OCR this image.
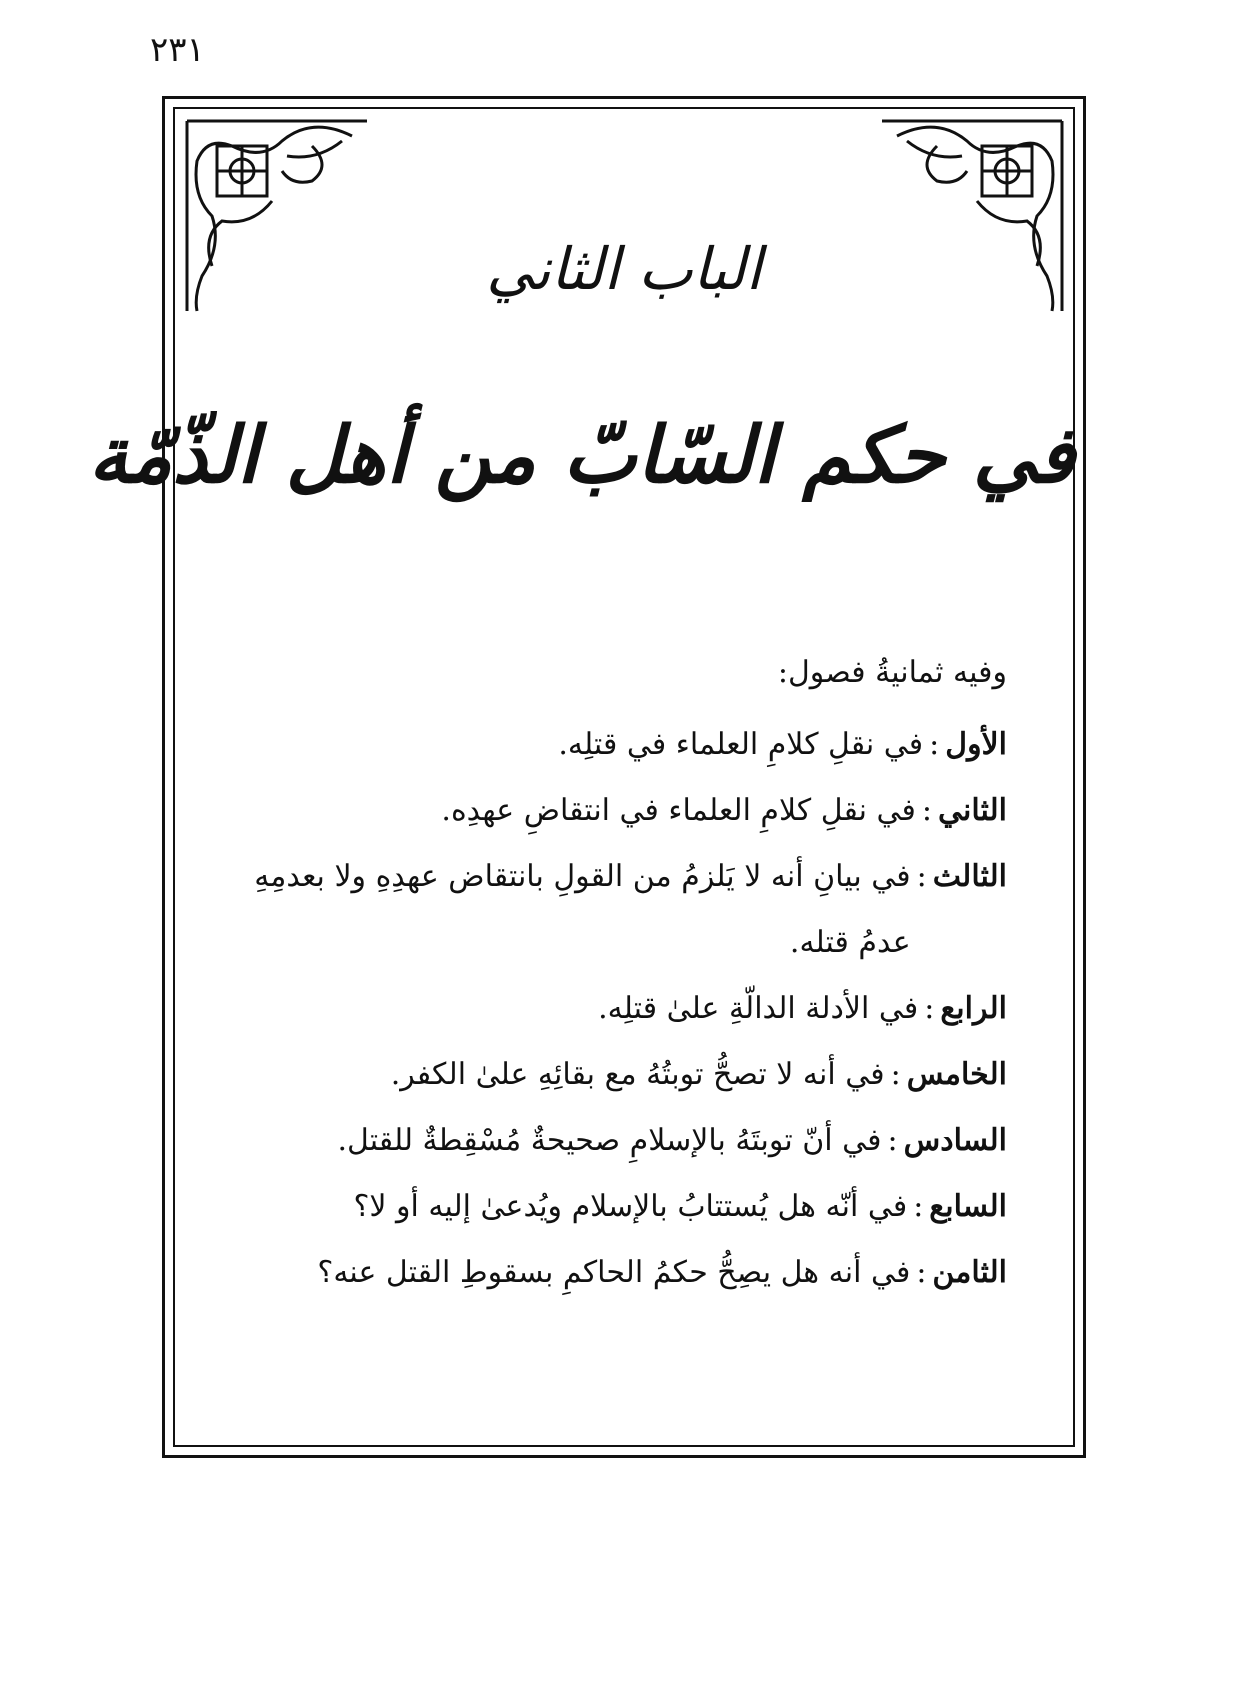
٢٣١
الباب الثاني
في حكم السّابّ من أهل الذّمّة

وفيه ثمانيةُ فصول:

الأول
:
في نقلِ كلامِ العلماء في قتلِه.
الثاني
:
في نقلِ كلامِ العلماء في انتقاضِ عهدِه.
الثالث
:
في بيانِ أنه لا يَلزمُ من القولِ بانتقاض عهدِهِ ولا بعدمِهِ عدمُ قتله.
الرابع
:
في الأدلة الدالّةِ علىٰ قتلِه.
الخامس
:
في أنه لا تصحُّ توبتُهُ مع بقائِهِ علىٰ الكفر.
السادس
:
في أنّ توبتَهُ بالإسلامِ صحيحةٌ مُسْقِطةٌ للقتل.
السابع
:
في أنّه هل يُستتابُ بالإسلام ويُدعىٰ إليه أو لا؟
الثامن
:
في أنه هل يصِحُّ حكمُ الحاكمِ بسقوطِ القتل عنه؟
